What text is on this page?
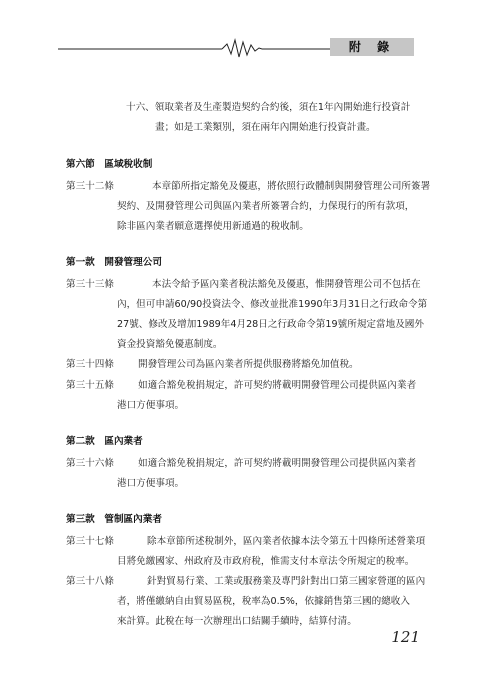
附 錄
十六、領取業者及生產製造契約合約後，須在1年內開始進行投資計
畫；如是工業類別，須在兩年內開始進行投資計畫。
第六節　區域稅收制
第三十二條	本章節所指定豁免及優惠，將依照行政體制與開發管理公司所簽署
契約、及開發管理公司與區內業者所簽署合約，力保現行的所有款項，
除非區內業者願意選擇使用新通過的稅收制。
第一款　開發管理公司
第三十三條	本法令給予區內業者稅法豁免及優惠，惟開發管理公司不包括在
內，但可申請60/90投資法令、修改並批准1990年3月31日之行政命令第
27號、修改及增加1989年4月28日之行政命令第19號所規定當地及國外
資金投資豁免優惠制度。
第三十四條	開發管理公司為區內業者所提供服務將豁免加值稅。
第三十五條	如適合豁免稅捐規定，許可契約將載明開發管理公司提供區內業者
港口方便事項。
第二款　區內業者
第三十六條	如適合豁免稅捐規定，許可契約將載明開發管理公司提供區內業者
港口方便事項。
第三款　管制區內業者
第三十七條	除本章節所述稅制外，區內業者依據本法令第五十四條所述營業項
目將免繳國家、州政府及市政府稅，惟需支付本章法令所規定的稅率。
第三十八條	針對貿易行業、工業或服務業及專門針對出口第三國家營運的區內
者，將僅繳納自由貿易區稅，稅率為0.5%，依據銷售第三國的總收入
來計算。此稅在每一次辦理出口結關手續時，結算付清。
121
